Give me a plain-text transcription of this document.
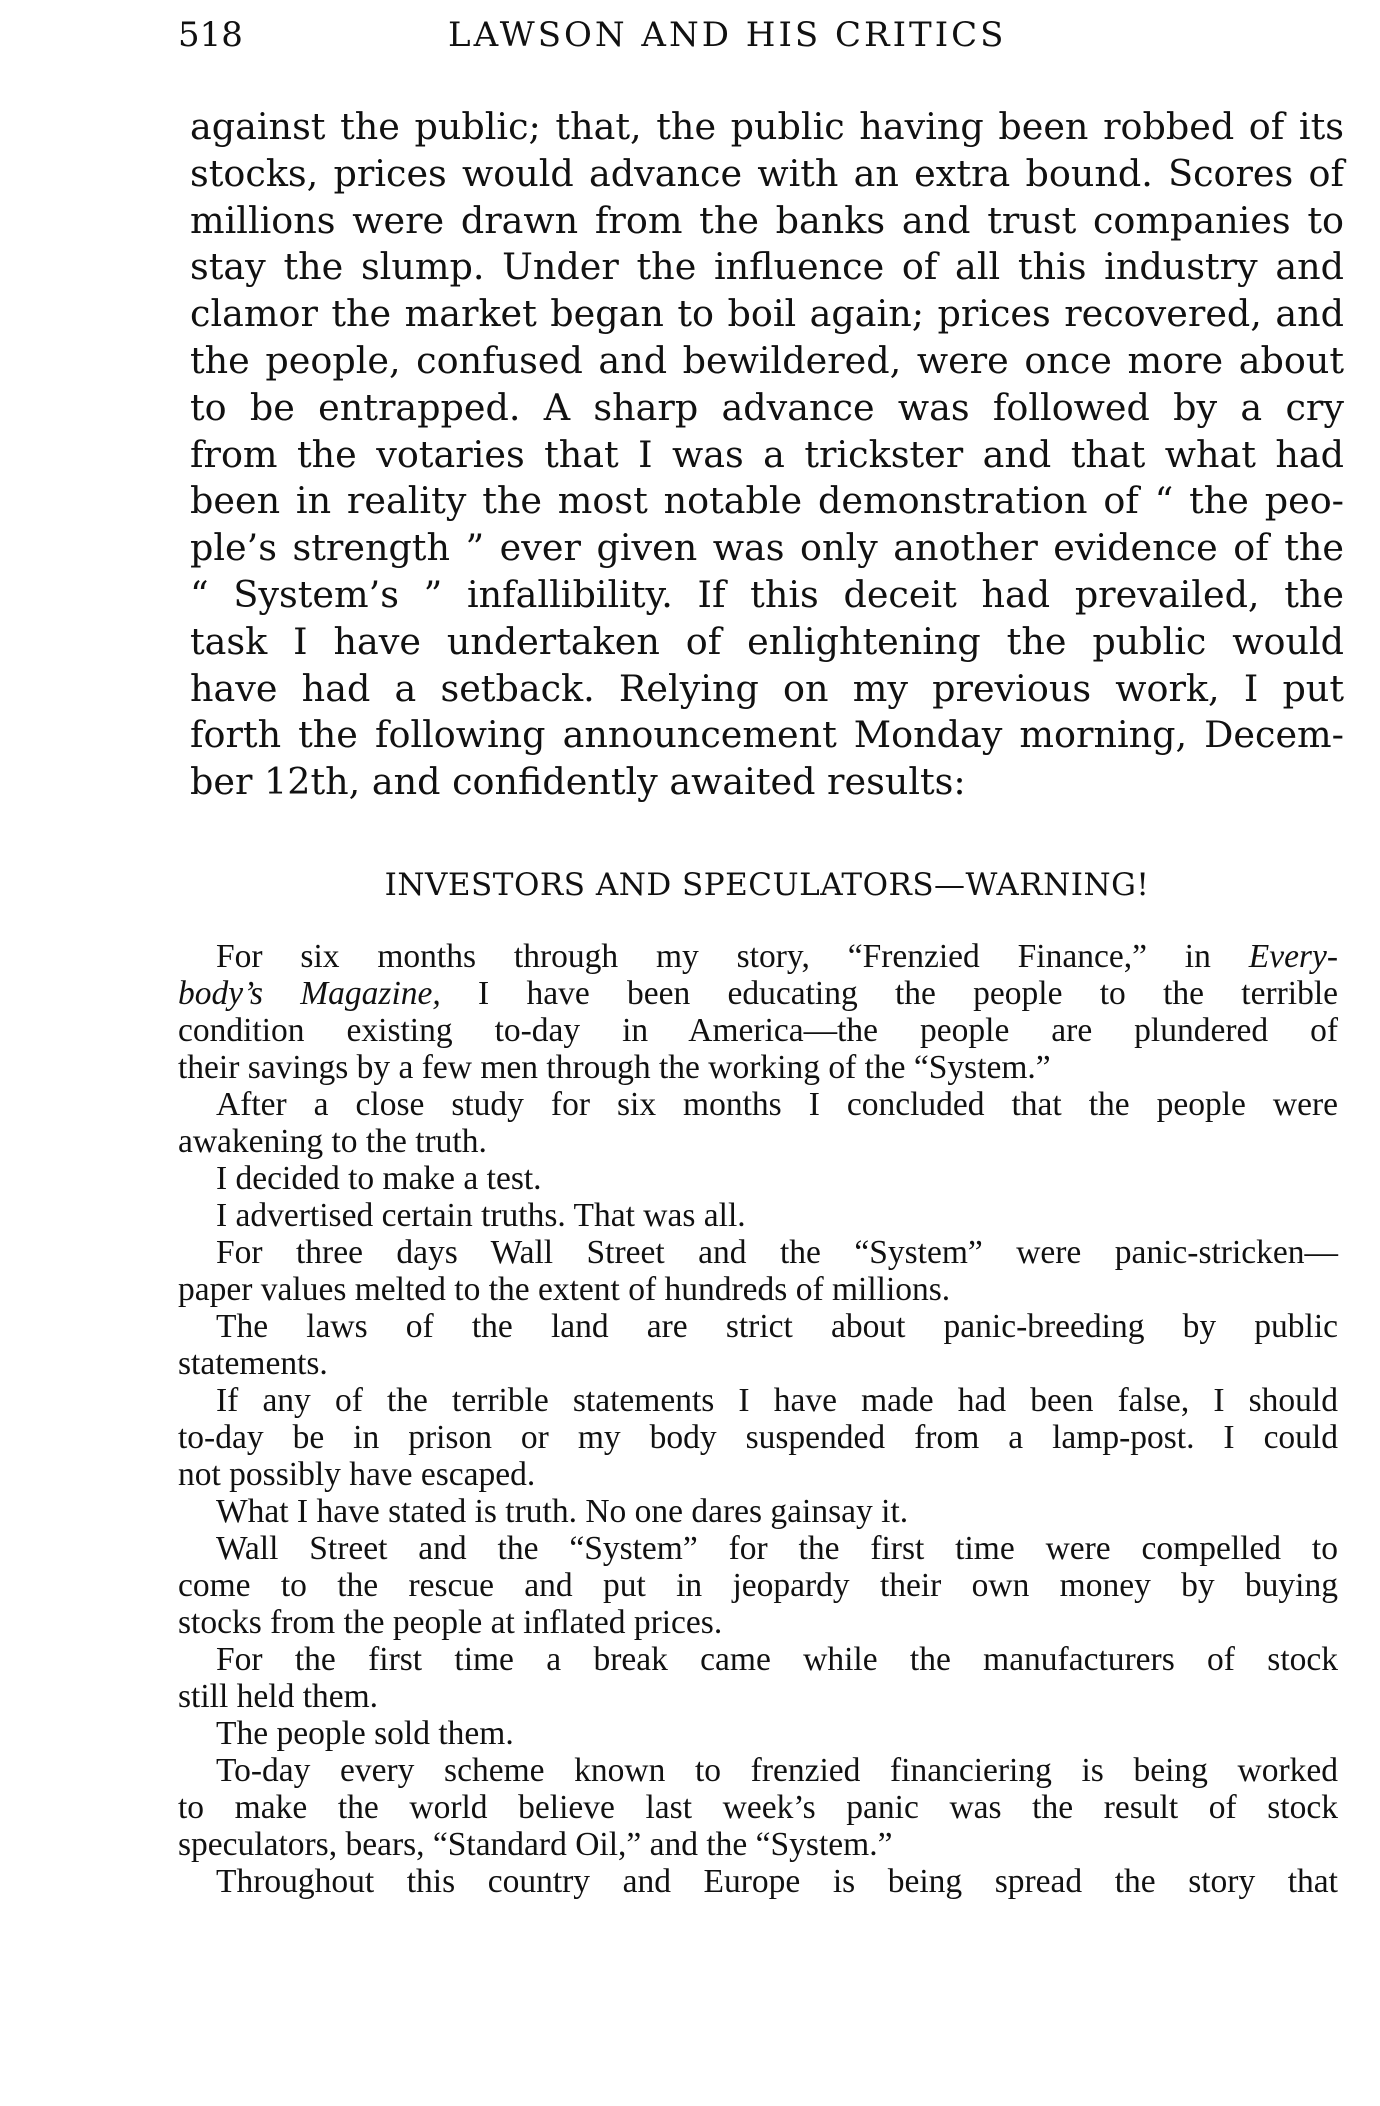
518	LAWSON AND HIS CRITICS

against the public; that, the public having been robbed of its
stocks, prices would advance with an extra bound. Scores of
millions were drawn from the banks and trust companies to
stay the slump. Under the influence of all this industry and
clamor the market began to boil again; prices recovered, and
the people, confused and bewildered, were once more about
to be entrapped. A sharp advance was followed by a cry
from the votaries that I was a trickster and that what had
been in reality the most notable demonstration of “ the peo-
ple’s strength ” ever given was only another evidence of the
“ System’s ” infallibility. If this deceit had prevailed, the
task I have undertaken of enlightening the public would
have had a setback. Relying on my previous work, I put
forth the following announcement Monday morning, Decem-
ber 12th, and confidently awaited results:

INVESTORS AND SPECULATORS—WARNING!

For six months through my story, “Frenzied Finance,” in Every-
body’s Magazine, I have been educating the people to the terrible
condition existing to-day in America—the people are plundered of
their savings by a few men through the working of the “System.”

After a close study for six months I concluded that the people were
awakening to the truth.

I decided to make a test.

I advertised certain truths. That was all.

For three days Wall Street and the “System” were panic-stricken—
paper values melted to the extent of hundreds of millions.

The laws of the land are strict about panic-breeding by public
statements.

If any of the terrible statements I have made had been false, I should
to-day be in prison or my body suspended from a lamp-post. I could
not possibly have escaped.

What I have stated is truth. No one dares gainsay it.

Wall Street and the “System” for the first time were compelled to
come to the rescue and put in jeopardy their own money by buying
stocks from the people at inflated prices.

For the first time a break came while the manufacturers of stock
still held them.

The people sold them.

To-day every scheme known to frenzied financiering is being worked
to make the world believe last week’s panic was the result of stock
speculators, bears, “Standard Oil,” and the “System.”

Throughout this country and Europe is being spread the story that
